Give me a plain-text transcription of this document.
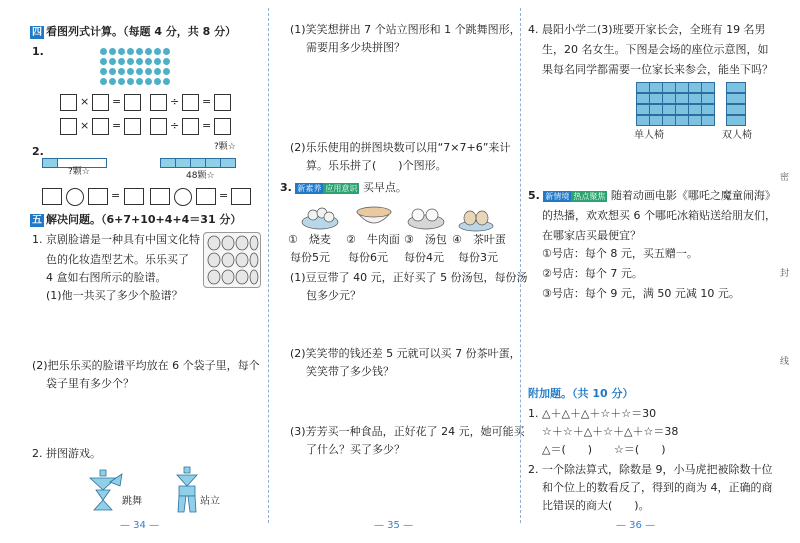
四 看图列式计算。（每题 4 分，共 8 分）
1.
× =	÷ =
× =	÷ =
2.
?颗☆
?颗☆
48颗☆
=	=
五 解决问题。（6+7+10+4+4＝31 分）
1. 京剧脸谱是一种具有中国文化特
色的化妆造型艺术。乐乐买了
4 盒如右图所示的脸谱。
(1)他一共买了多少个脸谱？
(2)把乐乐买的脸谱平均放在 6 个袋子里，每个
袋子里有多少个？
2. 拼图游戏。
跳舞	站立
— 34 —
(1)笑笑想拼出 7 个站立图形和 1 个跳舞图形，
需要用多少块拼图？
(2)乐乐使用的拼图块数可以用“7×7+6”来计
算。乐乐拼了(　　)个图形。
3. 新素养 应用意识 买早点。
①　烧麦 ②　牛肉面 ③　汤包 ④　茶叶蛋
每份5元 每份6元 每份4元 每份3元
(1)豆豆带了 40 元，正好买了 5 份汤包，每份汤
包多少元？
(2)笑笑带的钱还差 5 元就可以买 7 份茶叶蛋，
笑笑带了多少钱？
(3)芳芳买一种食品，正好花了 24 元，她可能买
了什么？买了多少？
— 35 —
4. 晨阳小学二(3)班要开家长会，全班有 19 名男
生，20 名女生。下图是会场的座位示意图，如
果每名同学都需要一位家长来参会，能坐下吗？
单人椅	双人椅
5. 新情境 热点聚焦 随着动画电影《哪吒之魔童闹海》
的热播，欢欢想买 6 个哪吒冰箱贴送给朋友们，
在哪家店买最便宜？
①号店：每个 8 元，买五赠一。
②号店：每个 7 元。
③号店：每个 9 元，满 50 元减 10 元。
附加题。（共 10 分）
1. △＋△＋△＋☆＋☆＝30
☆＋☆＋△＋☆＋△＋☆＝38
△＝(　　)　　☆＝(　　)
2. 一个除法算式，除数是 9，小马虎把被除数十位
和个位上的数看反了，得到的商为 4，正确的商
比错误的商大(　　)。
密
封
线
— 36 —
